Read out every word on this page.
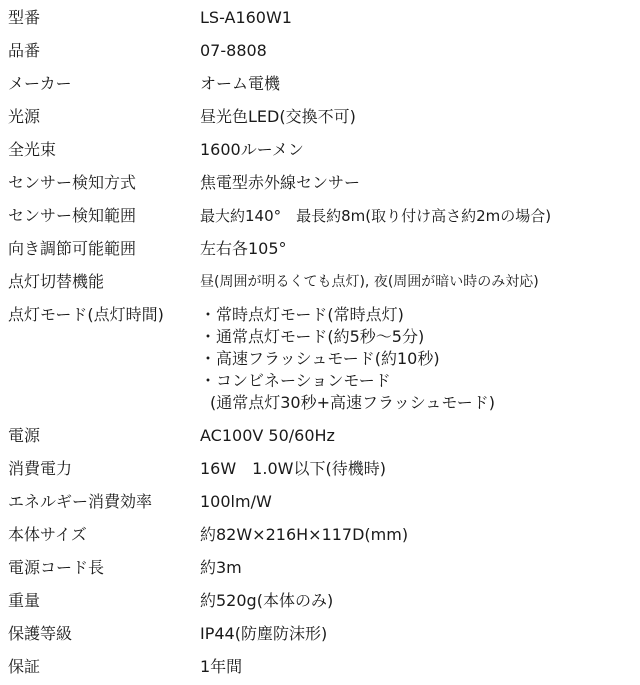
型番	LS-A160W1
品番	07-8808
メーカー	オーム電機
光源	昼光色LED(交換不可)
全光束	1600ルーメン
センサー検知方式	焦電型赤外線センサー
センサー検知範囲	最大約140°　最長約8m(取り付け高さ約2mの場合)
向き調節可能範囲	左右各105°
点灯切替機能	昼(周囲が明るくても点灯), 夜(周囲が暗い時のみ対応)
点灯モード(点灯時間) ・常時点灯モード(常時点灯)
・通常点灯モード(約5秒～5分)
・高速フラッシュモード(約10秒)
・コンビネーションモード
(通常点灯30秒+高速フラッシュモード)
電源	AC100V 50/60Hz
消費電力	16W　1.0W以下(待機時)
エネルギー消費効率	100lm/W
本体サイズ	約82W×216H×117D(mm)
電源コード長	約3m
重量	約520g(本体のみ)
保護等級	IP44(防塵防沫形)
保証	1年間
